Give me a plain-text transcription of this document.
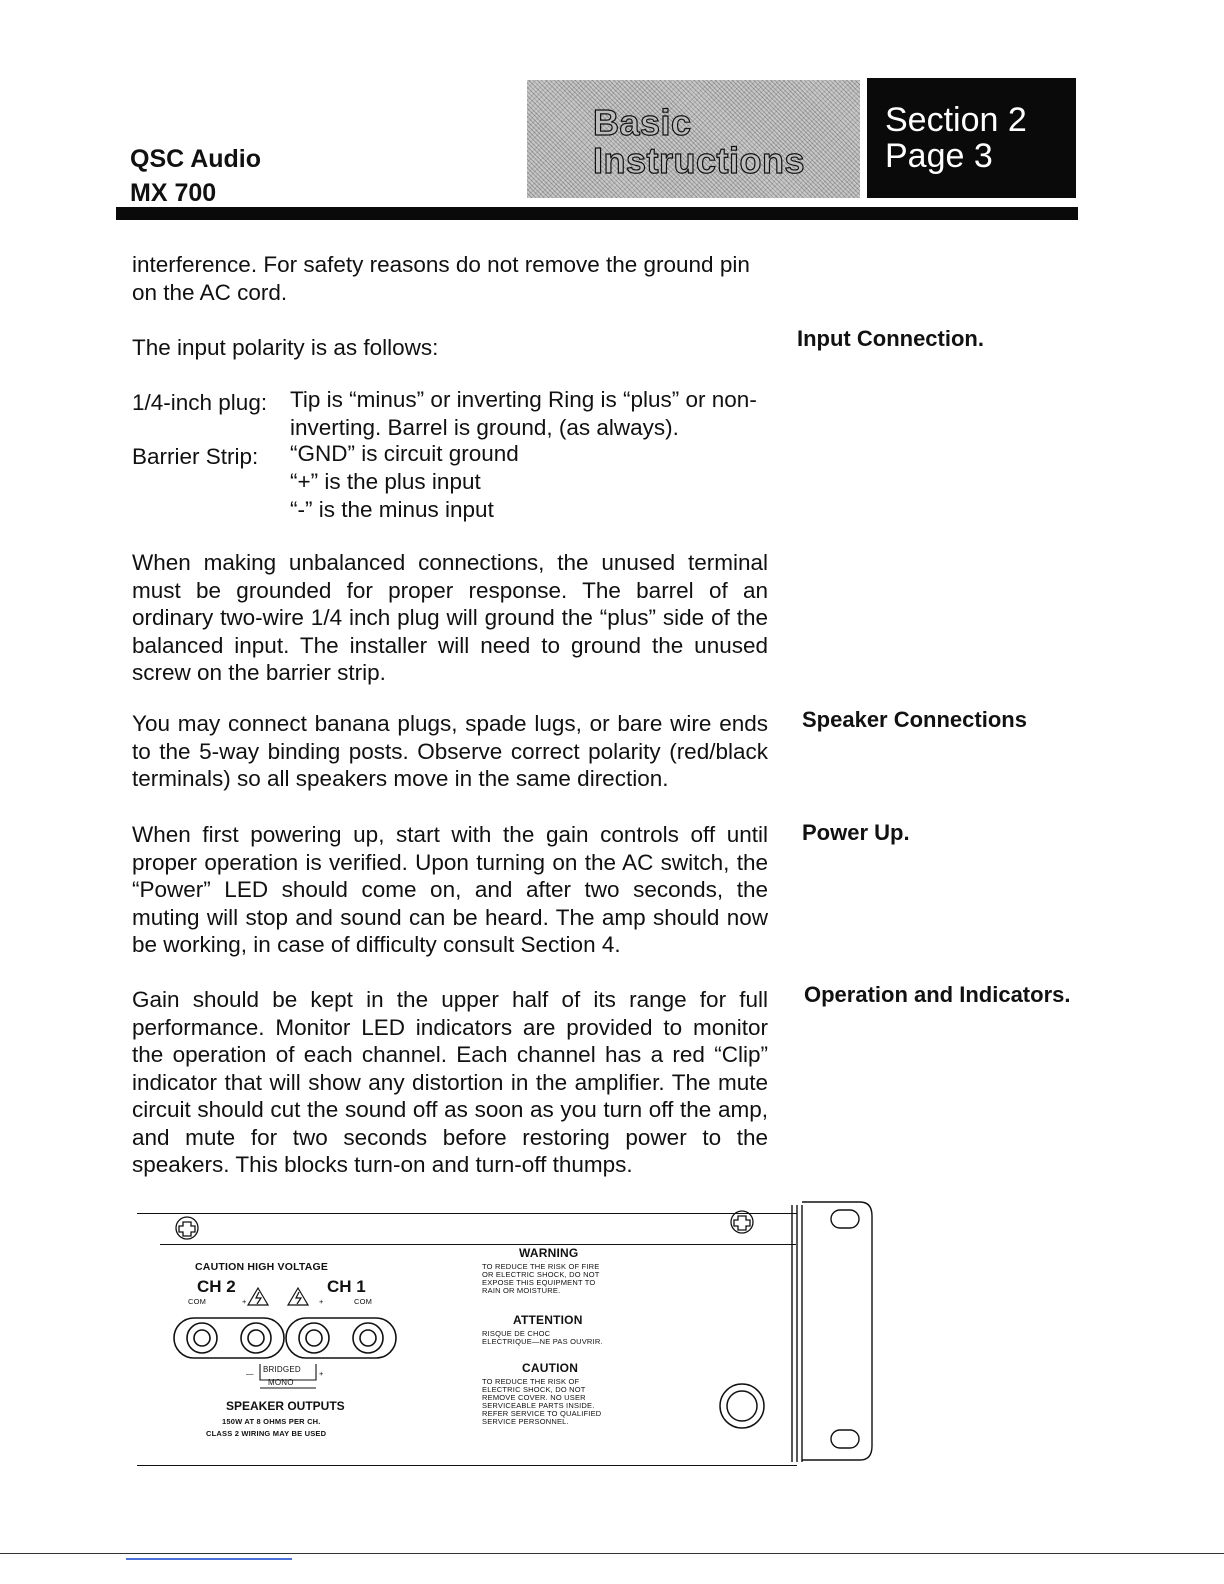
QSC Audio
MX 700
Basic
Instructions
Section 2
Page 3
interference. For safety reasons do not remove the ground pin on the AC cord.
The input polarity is as follows:	Input Connection.
1/4-inch plug: Tip is “minus” or inverting Ring is “plus” or non-inverting. Barrel is ground, (as always).
Barrier Strip: “GND” is circuit ground
“+” is the plus input
“-” is the minus input
When making unbalanced connections, the unused terminal must be grounded for proper response. The barrel of an ordinary two-wire 1/4 inch plug will ground the “plus” side of the balanced input. The installer will need to ground the unused screw on the barrier strip.
You may connect banana plugs, spade lugs, or bare wire ends to the 5-way binding posts. Observe correct polarity (red/black terminals) so all speakers move in the same direction.
Speaker Connections
When first powering up, start with the gain controls off until proper operation is verified. Upon turning on the AC switch, the “Power” LED should come on, and after two seconds, the muting will stop and sound can be heard. The amp should now be working, in case of difficulty consult Section 4.
Power Up.
Gain should be kept in the upper half of its range for full performance. Monitor LED indicators are provided to monitor the operation of each channel. Each channel has a red “Clip” indicator that will show any distortion in the amplifier. The mute circuit should cut the sound off as soon as you turn off the amp, and mute for two seconds before restoring power to the speakers. This blocks turn-on and turn-off thumps.
Operation and Indicators.
CAUTION HIGH VOLTAGE
CH 2	CH 1
COM	+	+	COM
— BRIDGED
MONO
+
SPEAKER OUTPUTS
150W AT 8 OHMS PER CH.
CLASS 2 WIRING MAY BE USED
WARNING
TO REDUCE THE RISK OF FIRE
OR ELECTRIC SHOCK, DO NOT
EXPOSE THIS EQUIPMENT TO
RAIN OR MOISTURE.
ATTENTION
RISQUE DE CHOC
ELECTRIQUE—NE PAS OUVRIR.
CAUTION
TO REDUCE THE RISK OF
ELECTRIC SHOCK, DO NOT
REMOVE COVER. NO USER
SERVICEABLE PARTS INSIDE.
REFER SERVICE TO QUALIFIED
SERVICE PERSONNEL.
